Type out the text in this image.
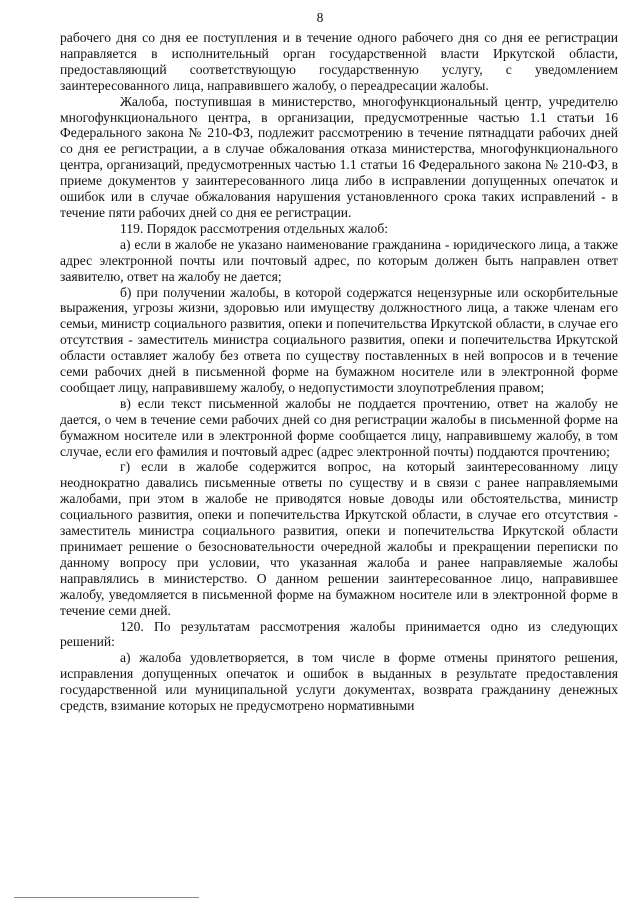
8

рабочего дня со дня ее поступления и в течение одного рабочего дня со дня ее регистрации направляется в исполнительный орган государственной власти Иркутской области, предоставляющий соответствующую государственную услугу, с уведомлением заинтересованного лица, направившего жалобу, о переадресации жалобы.

Жалоба, поступившая в министерство, многофункциональный центр, учредителю многофункционального центра, в организации, предусмотренные частью 1.1 статьи 16 Федерального закона № 210-ФЗ, подлежит рассмотрению в течение пятнадцати рабочих дней со дня ее регистрации, а в случае обжалования отказа министерства, многофункционального центра, организаций, предусмотренных частью 1.1 статьи 16 Федерального закона № 210-ФЗ, в приеме документов у заинтересованного лица либо в исправлении допущенных опечаток и ошибок или в случае обжалования нарушения установленного срока таких исправлений - в течение пяти рабочих дней со дня ее регистрации.

119. Порядок рассмотрения отдельных жалоб:

а) если в жалобе не указано наименование гражданина - юридического лица, а также адрес электронной почты или почтовый адрес, по которым должен быть направлен ответ заявителю, ответ на жалобу не дается;

б) при получении жалобы, в которой содержатся нецензурные или оскорбительные выражения, угрозы жизни, здоровью или имуществу должностного лица, а также членам его семьи, министр социального развития, опеки и попечительства Иркутской области, в случае его отсутствия - заместитель министра социального развития, опеки и попечительства Иркутской области оставляет жалобу без ответа по существу поставленных в ней вопросов и в течение семи рабочих дней в письменной форме на бумажном носителе или в электронной форме сообщает лицу, направившему жалобу, о недопустимости злоупотребления правом;

в) если текст письменной жалобы не поддается прочтению, ответ на жалобу не дается, о чем в течение семи рабочих дней со дня регистрации жалобы в письменной форме на бумажном носителе или в электронной форме сообщается лицу, направившему жалобу, в том случае, если его фамилия и почтовый адрес (адрес электронной почты) поддаются прочтению;

г) если в жалобе содержится вопрос, на который заинтересованному лицу неоднократно давались письменные ответы по существу и в связи с ранее направляемыми жалобами, при этом в жалобе не приводятся новые доводы или обстоятельства, министр социального развития, опеки и попечительства Иркутской области, в случае его отсутствия - заместитель министра социального развития, опеки и попечительства Иркутской области принимает решение о безосновательности очередной жалобы и прекращении переписки по данному вопросу при условии, что указанная жалоба и ранее направляемые жалобы направлялись в министерство. О данном решении заинтересованное лицо, направившее жалобу, уведомляется в письменной форме на бумажном носителе или в электронной форме в течение семи дней.

120. По результатам рассмотрения жалобы принимается одно из следующих решений:

а) жалоба удовлетворяется, в том числе в форме отмены принятого решения, исправления допущенных опечаток и ошибок в выданных в результате предоставления государственной или муниципальной услуги документах, возврата гражданину денежных средств, взимание которых не предусмотрено нормативными
